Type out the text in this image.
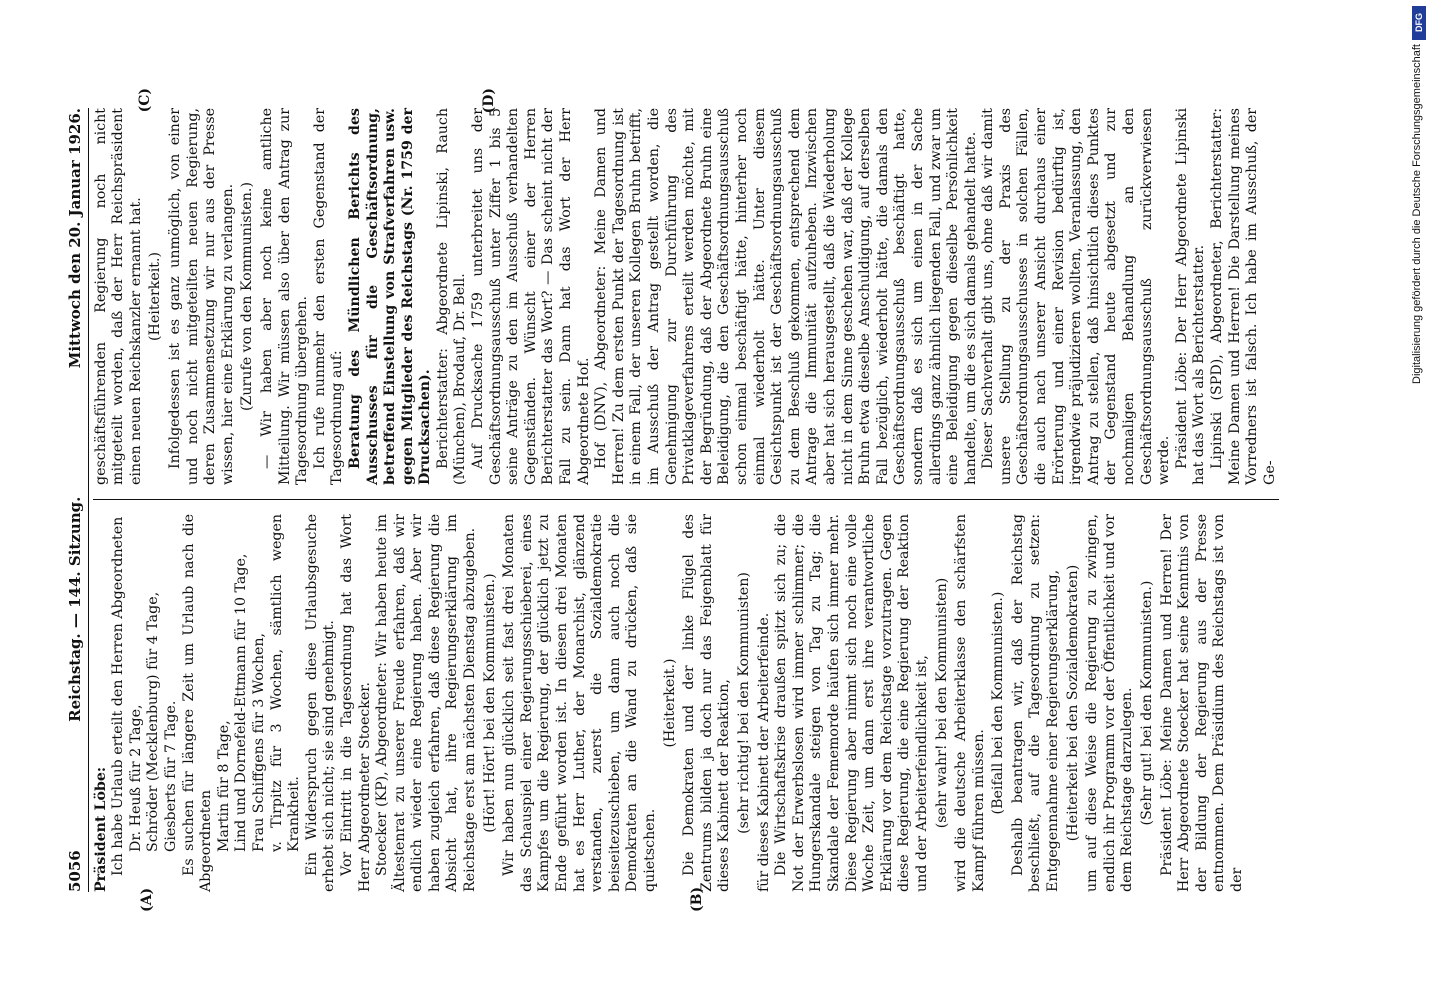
5056
Reichstag. — 144. Sitzung.
Mittwoch den 20. Januar 1926.
(A)	(B)
(C)	(D)

Präsident Löbe: Ich habe Urlaub erteilt den Herren Abgeordneten Dr. Heuß für 2 Tage, Schröder (Mecklenburg) für 4 Tage, Giesberts für 7 Tage. Es suchen für längere Zeit um Urlaub nach die Abgeordneten Martin für 8 Tage, Lind und Dornefeld-Ettmann für 10 Tage, Frau Schiffgens für 3 Wochen, v. Tirpitz für 3 Wochen, sämtlich wegen Krankheit. Ein Widerspruch gegen diese Urlaubsgesuche erhebt sich nicht; sie sind genehmigt. Vor Eintritt in die Tagesordnung hat das Wort Herr Abgeordneter Stoecker. Stoecker (KP), Abgeordneter: Wir haben heute im Ältestenrat zu unserer Freude erfahren, daß wir endlich wieder eine Regierung haben. Aber wir haben zugleich erfahren, daß diese Regierung die Absicht hat, ihre Regierungserklärung im Reichstage erst am nächsten Dienstag abzugeben. (Hört! Hört! bei den Kommunisten.) Wir haben nun glücklich seit fast drei Monaten das Schauspiel einer Regierungsschieberei, eines Kampfes um die Regierung, der glücklich jetzt zu Ende geführt worden ist. In diesen drei Monaten hat es Herr Luther, der Monarchist, glänzend verstanden, zuerst die Sozialdemokratie beiseitezuschieben, um dann auch noch die Demokraten an die Wand zu drücken, daß sie quietschen.

(Heiterkeit.) Die Demokraten und der linke Flügel des Zentrums bilden ja doch nur das Feigenblatt für dieses Kabinett der Reaktion, (sehr richtig! bei den Kommunisten) für dieses Kabinett der Arbeiterfeinde. Die Wirtschaftskrise draußen spitzt sich zu; die Not der Erwerbslosen wird immer schlimmer; die Hungerskandale steigen von Tag zu Tag; die Skandale der Fememorde häufen sich immer mehr. Diese Regierung aber nimmt sich noch eine volle Woche Zeit, um dann erst ihre verantwortliche Erklärung vor dem Reichstage vorzutragen. Gegen diese Regierung, die eine Regierung der Reaktion und der Arbeiterfeindlichkeit ist, (sehr wahr! bei den Kommunisten) wird die deutsche Arbeiterklasse den schärfsten Kampf führen müssen. (Beifall bei den Kommunisten.) Deshalb beantragen wir, daß der Reichstag beschließt, auf die Tagesordnung zu setzen: Entgegennahme einer Regierungserklärung, (Heiterkeit bei den Sozialdemokraten) um auf diese Weise die Regierung zu zwingen, endlich ihr Programm vor der Öffentlichkeit und vor dem Reichstage darzulegen. (Sehr gut! bei den Kommunisten.) Präsident Löbe: Meine Damen und Herren! Der Herr Abgeordnete Stoecker hat seine Kenntnis von der Bildung der Regierung aus der Presse entnommen. Dem Präsidium des Reichstags ist von der

geschäftsführenden Regierung noch nicht mitgeteilt worden, daß der Herr Reichspräsident einen neuen Reichskanzler ernannt hat. (Heiterkeit.) Infolgedessen ist es ganz unmöglich, von einer und noch nicht mitgeteilten neuen Regierung, deren Zusammensetzung wir nur aus der Presse wissen, hier eine Erklärung zu verlangen. (Zurufe von den Kommunisten.) — Wir haben aber noch keine amtliche Mitteilung. Wir müssen also über den Antrag zur Tagesordnung übergehen. Ich rufe nunmehr den ersten Gegenstand der Tagesordnung auf: Beratung des Mündlichen Berichts des Ausschusses für die Geschäftsordnung, betreffend Einstellung von Strafverfahren usw. gegen Mitglieder des Reichstags (Nr. 1759 der Drucksachen). Berichterstatter: Abgeordnete Lipinski, Rauch (München), Brodauf, Dr. Bell. Auf Drucksache 1759 unterbreitet uns der Geschäftsordnungsausschuß unter Ziffer 1 bis 5 seine Anträge zu den im Ausschuß verhandelten Gegenständen. Wünscht einer der Herren Berichterstatter das Wort? — Das scheint nicht der Fall zu sein. Dann hat das Wort der Herr Abgeordnete Hof. Hof (DNV), Abgeordneter: Meine Damen und Herren! Zu dem ersten Punkt der Tagesordnung ist in einem Fall, der unseren Kollegen Bruhn betrifft, im Ausschuß der Antrag gestellt worden, die Genehmigung zur Durchführung des Privatklageverfahrens erteilt werden möchte, mit der Begründung, daß der Abgeordnete Bruhn eine Beleidigung, die den Geschäftsordnungsausschuß schon einmal beschäftigt hätte, hinterher noch einmal wiederholt hätte. Unter diesem Gesichtspunkt ist der Geschäftsordnungsausschuß zu dem Beschluß gekommen, entsprechend dem Antrage die Immunität aufzuheben. Inzwischen aber hat sich herausgestellt, daß die Wiederholung nicht in dem Sinne geschehen war, daß der Kollege Bruhn etwa dieselbe Anschuldigung, auf derselben Fall bezüglich, wiederholt hätte, die damals den Geschäftsordnungsausschuß beschäftigt hatte, sondern daß es sich um einen in der Sache allerdings ganz ähnlich liegenden Fall, und zwar um eine Beleidigung gegen dieselbe Persönlichkeit handelte, um die es sich damals gehandelt hatte. Dieser Sachverhalt gibt uns, ohne daß wir damit unsere Stellung zu der Praxis des Geschäftsordnungsausschusses in solchen Fällen, die auch nach unserer Ansicht durchaus einer Erörterung und einer Revision bedürftig ist, irgendwie präjudizieren wollten, Veranlassung, den Antrag zu stellen, daß hinsichtlich dieses Punktes der Gegenstand heute abgesetzt und zur nochmaligen Behandlung an den Geschäftsordnungsausschuß zurückverwiesen werde. Präsident Löbe: Der Herr Abgeordnete Lipinski hat das Wort als Berichterstatter. Lipinski (SPD), Abgeordneter, Berichterstatter: Meine Damen und Herren! Die Darstellung meines Vorredners ist falsch. Ich habe im Ausschuß, der Ge-

Digitalisierung gefördert durch die Deutsche Forschungsgemeinschaft
DFG
